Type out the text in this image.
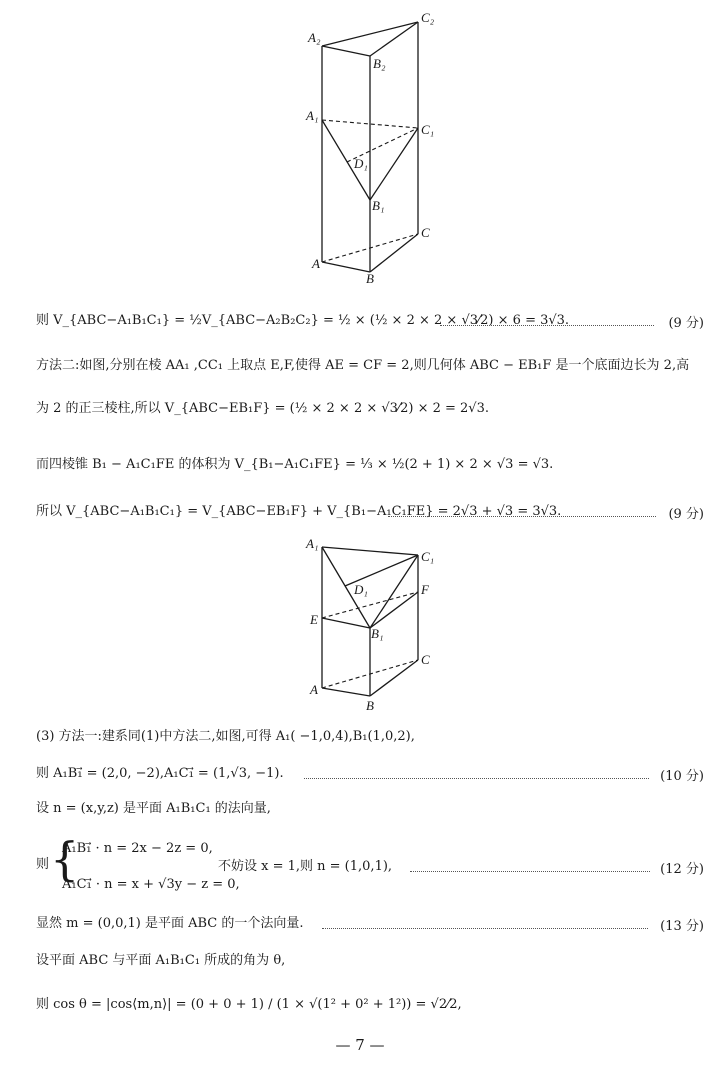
A₂
C₂
B₂
A₁
C₁
D₁
B₁
C
A
B
则 V_{ABC−A₁B₁C₁} = ½V_{ABC−A₂B₂C₂} = ½ × (½ × 2 × 2 × √3⁄2) × 6 = 3√3.	(9 分)
方法二:如图,分别在棱 AA₁ ,CC₁ 上取点 E,F,使得 AE = CF = 2,则几何体 ABC − EB₁F 是一个底面边长为 2,高
为 2 的正三棱柱,所以 V_{ABC−EB₁F} = (½ × 2 × 2 × √3⁄2) × 2 = 2√3.
而四棱锥 B₁ − A₁C₁FE 的体积为 V_{B₁−A₁C₁FE} = ⅓ × ½(2 + 1) × 2 × √3 = √3.
所以 V_{ABC−A₁B₁C₁} = V_{ABC−EB₁F} + V_{B₁−A₁C₁FE} = 2√3 + √3 = 3√3.	(9 分)
A₁
C₁
D₁	F
E
B₁
C
A
B
(3) 方法一:建系同(1)中方法二,如图,可得 A₁( −1,0,4),B₁(1,0,2),
则 A₁B₁⃗ = (2,0, −2),A₁C₁⃗ = (1,√3, −1).	(10 分)
设 n = (x,y,z) 是平面 A₁B₁C₁ 的法向量,
则 {
A₁B₁⃗ · n = 2x − 2z = 0,
A₁C₁⃗ · n = x + √3y − z = 0,
不妨设 x = 1,则 n = (1,0,1),	(12 分)
显然 m = (0,0,1) 是平面 ABC 的一个法向量.	(13 分)
设平面 ABC 与平面 A₁B₁C₁ 所成的角为 θ,
则 cos θ = |cos⟨m,n⟩| = (0 + 0 + 1) / (1 × √(1² + 0² + 1²)) = √2⁄2,
— 7 —
